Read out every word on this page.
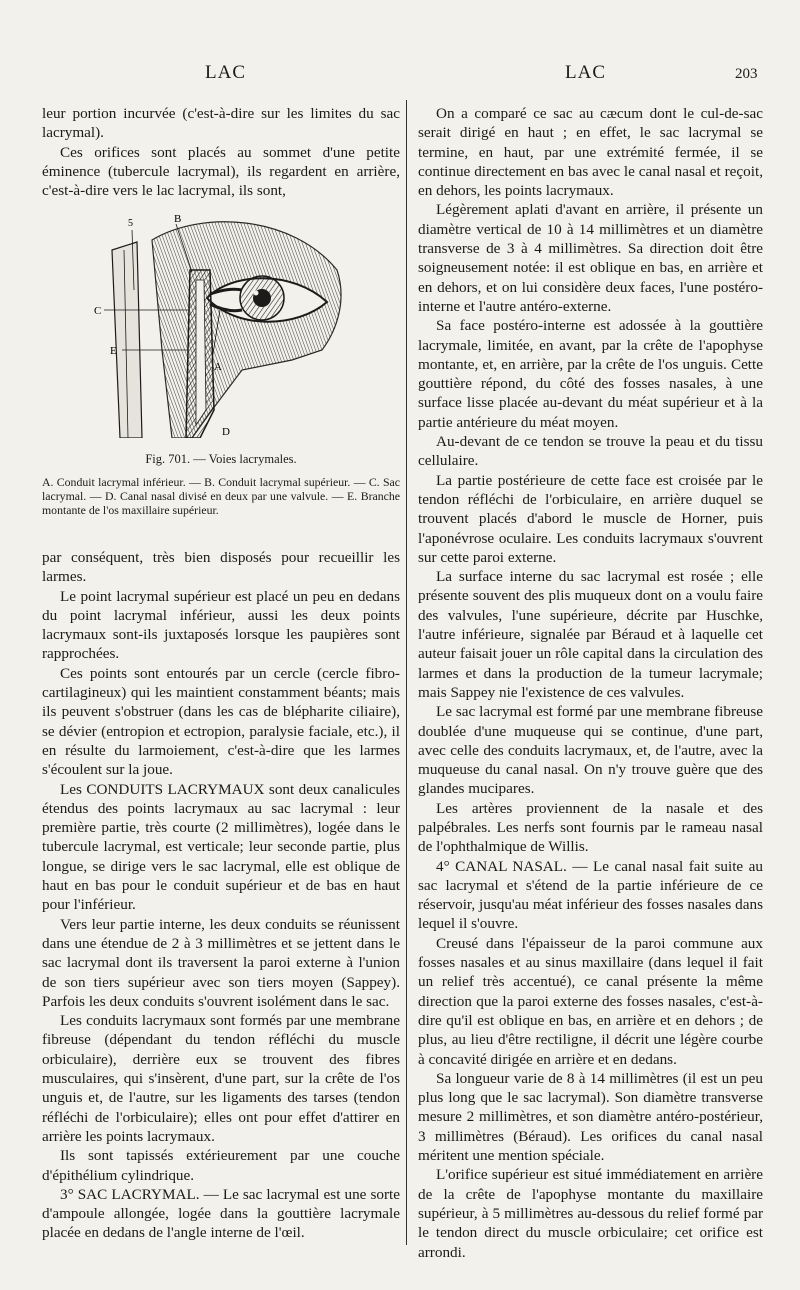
LAC	LAC	203

leur portion incurvée (c'est-à-dire sur les limites du sac lacrymal).

Ces orifices sont placés au sommet d'une petite éminence (tubercule lacrymal), ils regardent en arrière, c'est-à-dire vers le lac lacrymal, ils sont,

B
C
E
A
D
5
Fig. 701. — Voies lacrymales.
A. Conduit lacrymal inférieur. — B. Conduit lacrymal supérieur. — C. Sac lacrymal. — D. Canal nasal divisé en deux par une valvule. — E. Branche montante de l'os maxillaire supérieur.

par conséquent, très bien disposés pour recueillir les larmes.

Le point lacrymal supérieur est placé un peu en dedans du point lacrymal inférieur, aussi les deux points lacrymaux sont-ils juxtaposés lorsque les paupières sont rapprochées.

Ces points sont entourés par un cercle (cercle fibro-cartilagineux) qui les maintient constamment béants; mais ils peuvent s'obstruer (dans les cas de blépharite ciliaire), se dévier (entropion et ectropion, paralysie faciale, etc.), il en résulte du larmoiement, c'est-à-dire que les larmes s'écoulent sur la joue.

Les CONDUITS LACRYMAUX sont deux canalicules étendus des points lacrymaux au sac lacrymal : leur première partie, très courte (2 millimètres), logée dans le tubercule lacrymal, est verticale; leur seconde partie, plus longue, se dirige vers le sac lacrymal, elle est oblique de haut en bas pour le conduit supérieur et de bas en haut pour l'inférieur.

Vers leur partie interne, les deux conduits se réunissent dans une étendue de 2 à 3 millimètres et se jettent dans le sac lacrymal dont ils traversent la paroi externe à l'union de son tiers supérieur avec son tiers moyen (Sappey). Parfois les deux conduits s'ouvrent isolément dans le sac.

Les conduits lacrymaux sont formés par une membrane fibreuse (dépendant du tendon réfléchi du muscle orbiculaire), derrière eux se trouvent des fibres musculaires, qui s'insèrent, d'une part, sur la crête de l'os unguis et, de l'autre, sur les ligaments des tarses (tendon réfléchi de l'orbiculaire); elles ont pour effet d'attirer en arrière les points lacrymaux.

Ils sont tapissés extérieurement par une couche d'épithélium cylindrique.

3° SAC LACRYMAL. — Le sac lacrymal est une sorte d'ampoule allongée, logée dans la gouttière lacrymale placée en dedans de l'angle interne de l'œil.

On a comparé ce sac au cæcum dont le cul-de-sac serait dirigé en haut ; en effet, le sac lacrymal se termine, en haut, par une extrémité fermée, il se continue directement en bas avec le canal nasal et reçoit, en dehors, les points lacrymaux.

Légèrement aplati d'avant en arrière, il présente un diamètre vertical de 10 à 14 millimètres et un diamètre transverse de 3 à 4 millimètres. Sa direction doit être soigneusement notée: il est oblique en bas, en arrière et en dehors, et on lui considère deux faces, l'une postéro-interne et l'autre antéro-externe.

Sa face postéro-interne est adossée à la gouttière lacrymale, limitée, en avant, par la crête de l'apophyse montante, et, en arrière, par la crête de l'os unguis. Cette gouttière répond, du côté des fosses nasales, à une surface lisse placée au-devant du méat supérieur et à la partie antérieure du méat moyen.

Au-devant de ce tendon se trouve la peau et du tissu cellulaire.

La partie postérieure de cette face est croisée par le tendon réfléchi de l'orbiculaire, en arrière duquel se trouvent placés d'abord le muscle de Horner, puis l'aponévrose oculaire. Les conduits lacrymaux s'ouvrent sur cette paroi externe.

La surface interne du sac lacrymal est rosée ; elle présente souvent des plis muqueux dont on a voulu faire des valvules, l'une supérieure, décrite par Huschke, l'autre inférieure, signalée par Béraud et à laquelle cet auteur faisait jouer un rôle capital dans la circulation des larmes et dans la production de la tumeur lacrymale; mais Sappey nie l'existence de ces valvules.

Le sac lacrymal est formé par une membrane fibreuse doublée d'une muqueuse qui se continue, d'une part, avec celle des conduits lacrymaux, et, de l'autre, avec la muqueuse du canal nasal. On n'y trouve guère que des glandes mucipares.

Les artères proviennent de la nasale et des palpébrales. Les nerfs sont fournis par le rameau nasal de l'ophthalmique de Willis.

4° CANAL NASAL. — Le canal nasal fait suite au sac lacrymal et s'étend de la partie inférieure de ce réservoir, jusqu'au méat inférieur des fosses nasales dans lequel il s'ouvre.

Creusé dans l'épaisseur de la paroi commune aux fosses nasales et au sinus maxillaire (dans lequel il fait un relief très accentué), ce canal présente la même direction que la paroi externe des fosses nasales, c'est-à-dire qu'il est oblique en bas, en arrière et en dehors ; de plus, au lieu d'être rectiligne, il décrit une légère courbe à concavité dirigée en arrière et en dedans.

Sa longueur varie de 8 à 14 millimètres (il est un peu plus long que le sac lacrymal). Son diamètre transverse mesure 2 millimètres, et son diamètre antéro-postérieur, 3 millimètres (Béraud). Les orifices du canal nasal méritent une mention spéciale.

L'orifice supérieur est situé immédiatement en arrière de la crête de l'apophyse montante du maxillaire supérieur, à 5 millimètres au-dessous du relief formé par le tendon direct du muscle orbiculaire; cet orifice est arrondi.
